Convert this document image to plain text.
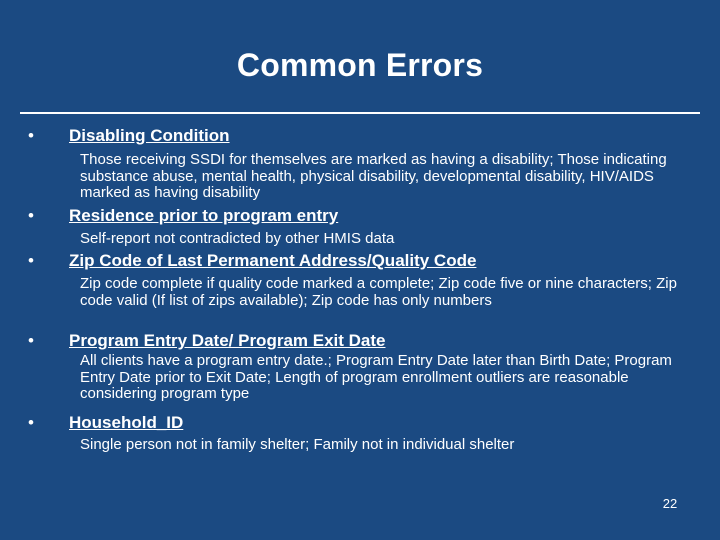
Common Errors
• Disabling Condition
Those receiving SSDI for themselves are marked as having a disability; Those indicating substance abuse, mental health, physical disability, developmental disability, HIV/AIDS marked as having disability
• Residence prior to program entry
Self-report not contradicted by other HMIS data
• Zip Code of Last Permanent Address/Quality Code
Zip code complete if quality code marked a complete; Zip code five or nine characters; Zip code valid (If list of zips available); Zip code has only numbers
• Program Entry Date/ Program Exit Date
All clients have a program entry date.; Program Entry Date later than Birth Date; Program Entry Date prior to Exit Date; Length of program enrollment outliers are reasonable considering program type
• Household_ID
Single person not in family shelter; Family not in individual shelter
22
